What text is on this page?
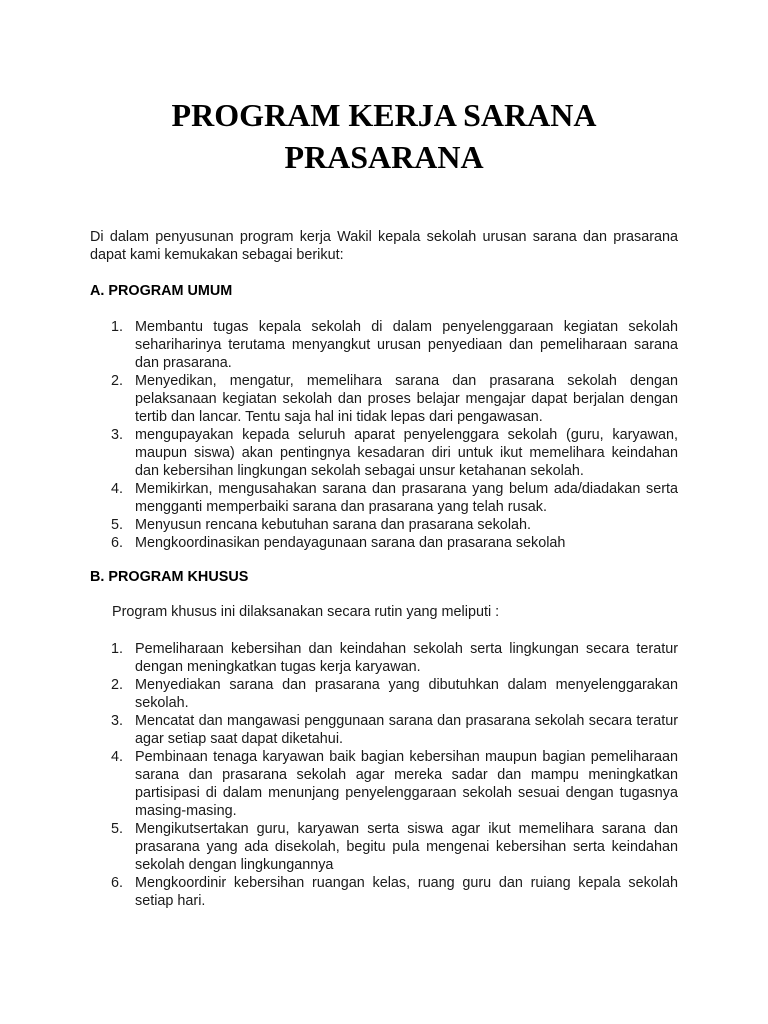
PROGRAM KERJA SARANA
PRASARANA

Di dalam penyusunan program kerja Wakil kepala sekolah urusan sarana dan prasarana dapat kami kemukakan sebagai berikut:

A. PROGRAM UMUM
1. Membantu tugas kepala sekolah di dalam penyelenggaraan kegiatan sekolah sehariharinya terutama menyangkut urusan penyediaan dan pemeliharaan sarana dan prasarana.
2. Menyedikan, mengatur, memelihara sarana dan prasarana sekolah dengan pelaksanaan kegiatan sekolah dan proses belajar mengajar dapat berjalan dengan tertib dan lancar. Tentu saja hal ini tidak lepas dari pengawasan.
3. mengupayakan kepada seluruh aparat penyelenggara sekolah (guru, karyawan, maupun siswa) akan pentingnya kesadaran diri untuk ikut memelihara keindahan dan kebersihan lingkungan sekolah sebagai unsur ketahanan sekolah.
4. Memikirkan, mengusahakan sarana dan prasarana yang belum ada/diadakan serta mengganti memperbaiki sarana dan prasarana yang telah rusak.
5. Menyusun rencana kebutuhan sarana dan prasarana sekolah.
6. Mengkoordinasikan pendayagunaan sarana dan prasarana sekolah
B. PROGRAM KHUSUS

Program khusus ini dilaksanakan secara rutin yang meliputi :

1. Pemeliharaan kebersihan dan keindahan sekolah serta lingkungan secara teratur dengan meningkatkan tugas kerja karyawan.
2. Menyediakan sarana dan prasarana yang dibutuhkan dalam menyelenggarakan sekolah.
3. Mencatat dan mangawasi penggunaan sarana dan prasarana sekolah secara teratur agar setiap saat dapat diketahui.
4. Pembinaan tenaga karyawan baik bagian kebersihan maupun bagian pemeliharaan sarana dan prasarana sekolah agar mereka sadar dan mampu meningkatkan partisipasi di dalam menunjang penyelenggaraan sekolah sesuai dengan tugasnya masing-masing.
5. Mengikutsertakan guru, karyawan serta siswa agar ikut memelihara sarana dan prasarana yang ada disekolah, begitu pula mengenai kebersihan serta keindahan sekolah dengan lingkungannya
6. Mengkoordinir kebersihan ruangan kelas, ruang guru dan ruiang kepala sekolah setiap hari.
